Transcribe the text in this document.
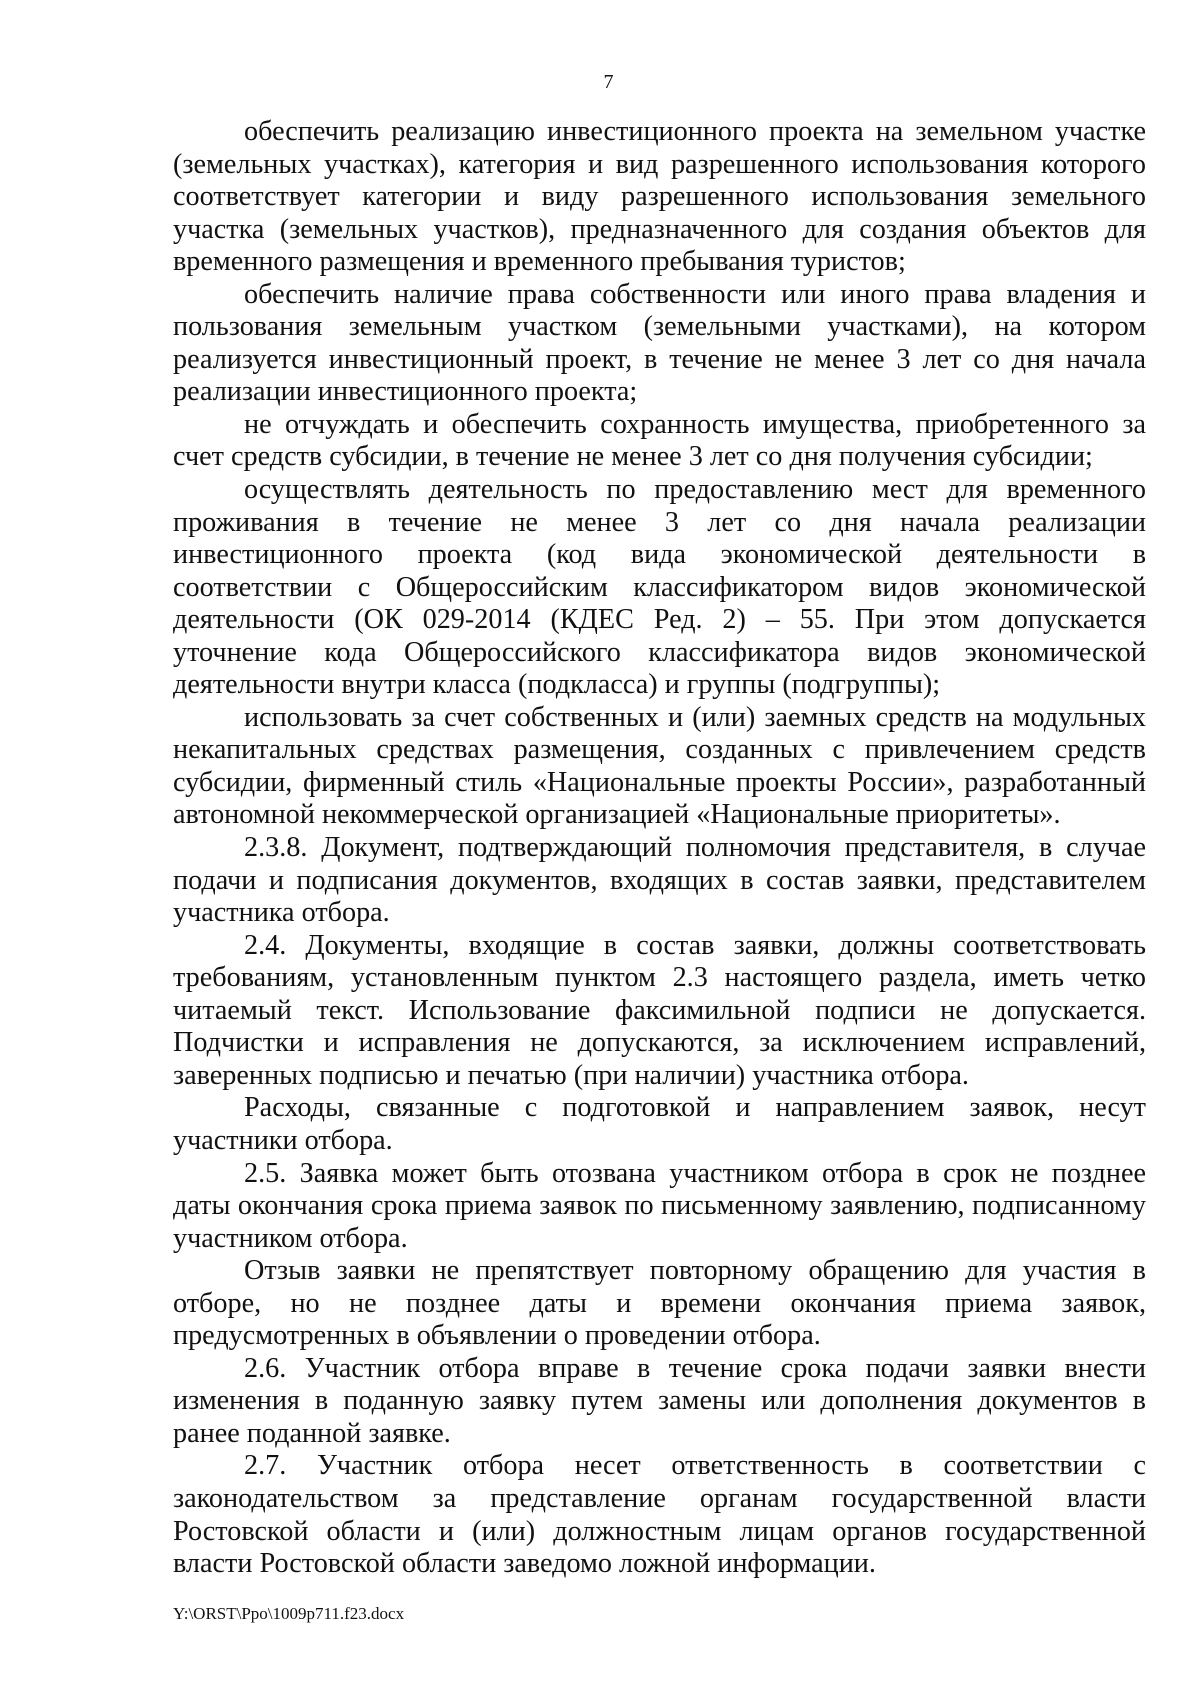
7

обеспечить реализацию инвестиционного проекта на земельном участке (земельных участках), категория и вид разрешенного использования которого соответствует категории и виду разрешенного использования земельного участка (земельных участков), предназначенного для создания объектов для временного размещения и временного пребывания туристов;

обеспечить наличие права собственности или иного права владения и пользования земельным участком (земельными участками), на котором реализуется инвестиционный проект, в течение не менее 3 лет со дня начала реализации инвестиционного проекта;

не отчуждать и обеспечить сохранность имущества, приобретенного за счет средств субсидии, в течение не менее 3 лет со дня получения субсидии;

осуществлять деятельность по предоставлению мест для временного проживания в течение не менее 3 лет со дня начала реализации инвестиционного проекта (код вида экономической деятельности в соответствии с Общероссийским классификатором видов экономической деятельности (ОК 029-2014 (КДЕС Ред. 2) – 55. При этом допускается уточнение кода Общероссийского классификатора видов экономической деятельности внутри класса (подкласса) и группы (подгруппы);

использовать за счет собственных и (или) заемных средств на модульных некапитальных средствах размещения, созданных с привлечением средств субсидии, фирменный стиль «Национальные проекты России», разработанный автономной некоммерческой организацией «Национальные приоритеты».

2.3.8. Документ, подтверждающий полномочия представителя, в случае подачи и подписания документов, входящих в состав заявки, представителем участника отбора.

2.4. Документы, входящие в состав заявки, должны соответствовать требованиям, установленным пунктом 2.3 настоящего раздела, иметь четко читаемый текст. Использование факсимильной подписи не допускается. Подчистки и исправления не допускаются, за исключением исправлений, заверенных подписью и печатью (при наличии) участника отбора.

Расходы, связанные с подготовкой и направлением заявок, несут участники отбора.

2.5. Заявка может быть отозвана участником отбора в срок не позднее даты окончания срока приема заявок по письменному заявлению, подписанному участником отбора.

Отзыв заявки не препятствует повторному обращению для участия в отборе, но не позднее даты и времени окончания приема заявок, предусмотренных в объявлении о проведении отбора.

2.6. Участник отбора вправе в течение срока подачи заявки внести изменения в поданную заявку путем замены или дополнения документов в ранее поданной заявке.

2.7. Участник отбора несет ответственность в соответствии с законодательством за представление органам государственной власти Ростовской области и (или) должностным лицам органов государственной власти Ростовской области заведомо ложной информации.

Y:\ORST\Ppo\1009p711.f23.docx
